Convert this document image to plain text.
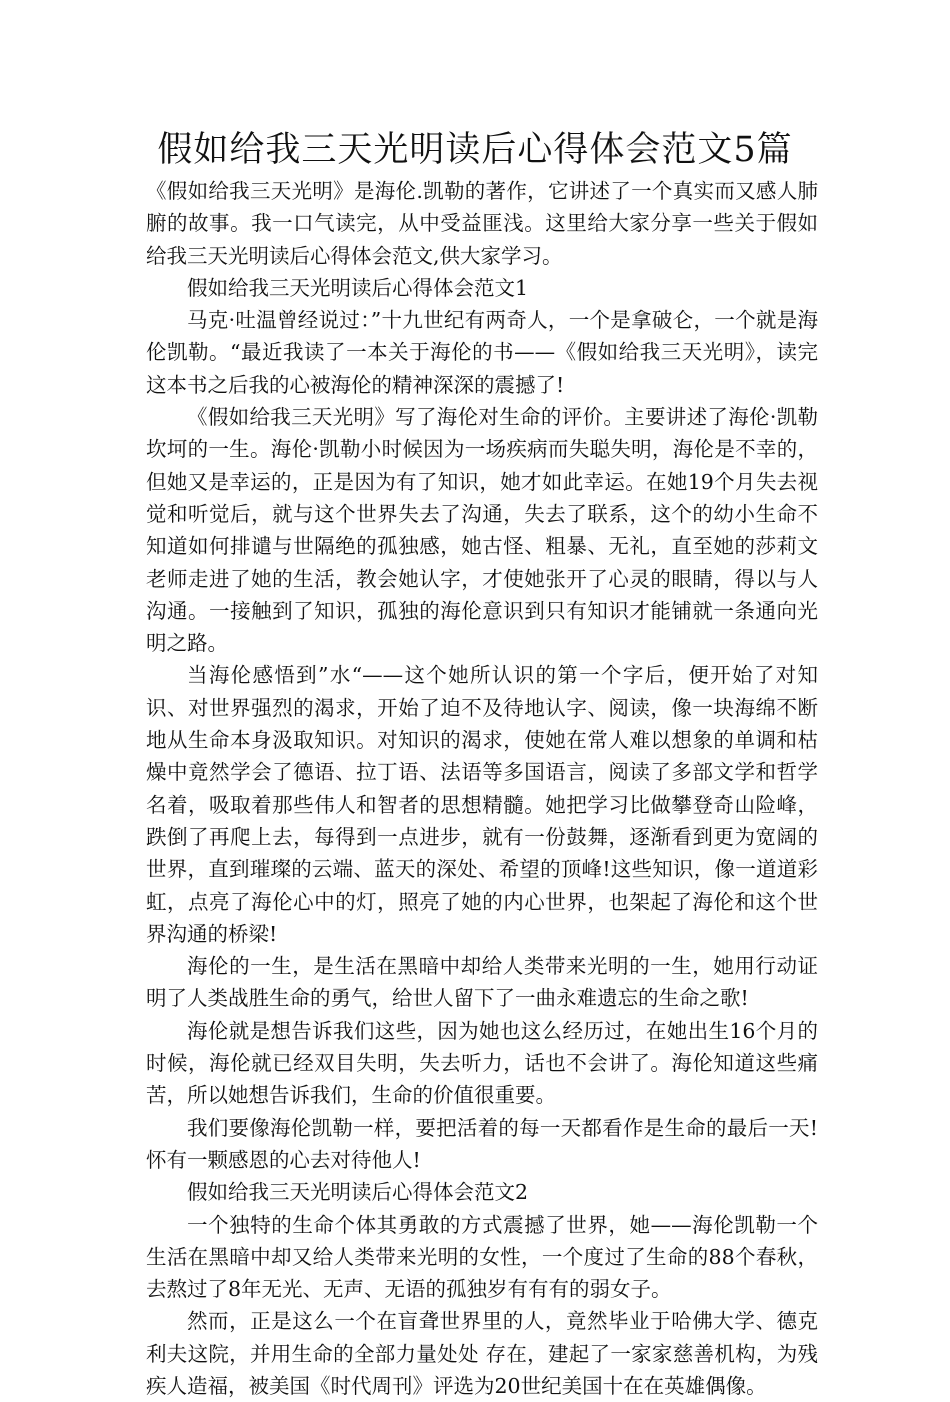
假如给我三天光明读后心得体会范文5篇

《假如给我三天光明》是海伦.凯勒的著作，它讲述了一个真实而又感人肺腑的故事。我一口气读完，从中受益匪浅。这里给大家分享一些关于假如给我三天光明读后心得体会范文,供大家学习。

假如给我三天光明读后心得体会范文1

马克·吐温曾经说过：”十九世纪有两奇人，一个是拿破仑，一个就是海伦凯勒。“最近我读了一本关于海伦的书——《假如给我三天光明》，读完这本书之后我的心被海伦的精神深深的震撼了!

《假如给我三天光明》写了海伦对生命的评价。主要讲述了海伦·凯勒坎坷的一生。海伦·凯勒小时候因为一场疾病而失聪失明，海伦是不幸的，但她又是幸运的，正是因为有了知识，她才如此幸运。在她19个月失去视觉和听觉后，就与这个世界失去了沟通，失去了联系，这个的幼小生命不知道如何排谴与世隔绝的孤独感，她古怪、粗暴、无礼，直至她的莎莉文老师走进了她的生活，教会她认字，才使她张开了心灵的眼睛，得以与人沟通。一接触到了知识，孤独的海伦意识到只有知识才能铺就一条通向光明之路。

当海伦感悟到”水“——这个她所认识的第一个字后，便开始了对知识、对世界强烈的渴求，开始了迫不及待地认字、阅读，像一块海绵不断地从生命本身汲取知识。对知识的渴求，使她在常人难以想象的单调和枯燥中竟然学会了德语、拉丁语、法语等多国语言，阅读了多部文学和哲学名着，吸取着那些伟人和智者的思想精髓。她把学习比做攀登奇山险峰，跌倒了再爬上去，每得到一点进步，就有一份鼓舞，逐渐看到更为宽阔的世界，直到璀璨的云端、蓝天的深处、希望的顶峰!这些知识，像一道道彩虹，点亮了海伦心中的灯，照亮了她的内心世界，也架起了海伦和这个世界沟通的桥梁!

海伦的一生，是生活在黑暗中却给人类带来光明的一生，她用行动证明了人类战胜生命的勇气，给世人留下了一曲永难遗忘的生命之歌!

海伦就是想告诉我们这些，因为她也这么经历过，在她出生16个月的时候，海伦就已经双目失明，失去听力，话也不会讲了。海伦知道这些痛苦，所以她想告诉我们，生命的价值很重要。

我们要像海伦凯勒一样，要把活着的每一天都看作是生命的最后一天!怀有一颗感恩的心去对待他人!

假如给我三天光明读后心得体会范文2

一个独特的生命个体其勇敢的方式震撼了世界，她——海伦凯勒一个生活在黑暗中却又给人类带来光明的女性，一个度过了生命的88个春秋，去熬过了8年无光、无声、无语的孤独岁有有有的弱女子。

然而，正是这么一个在盲聋世界里的人，竟然毕业于哈佛大学、德克利夫这院，并用生命的全部力量处处 存在，建起了一家家慈善机构，为残疾人造福，被美国《时代周刊》评选为20世纪美国十在在英雄偶像。
